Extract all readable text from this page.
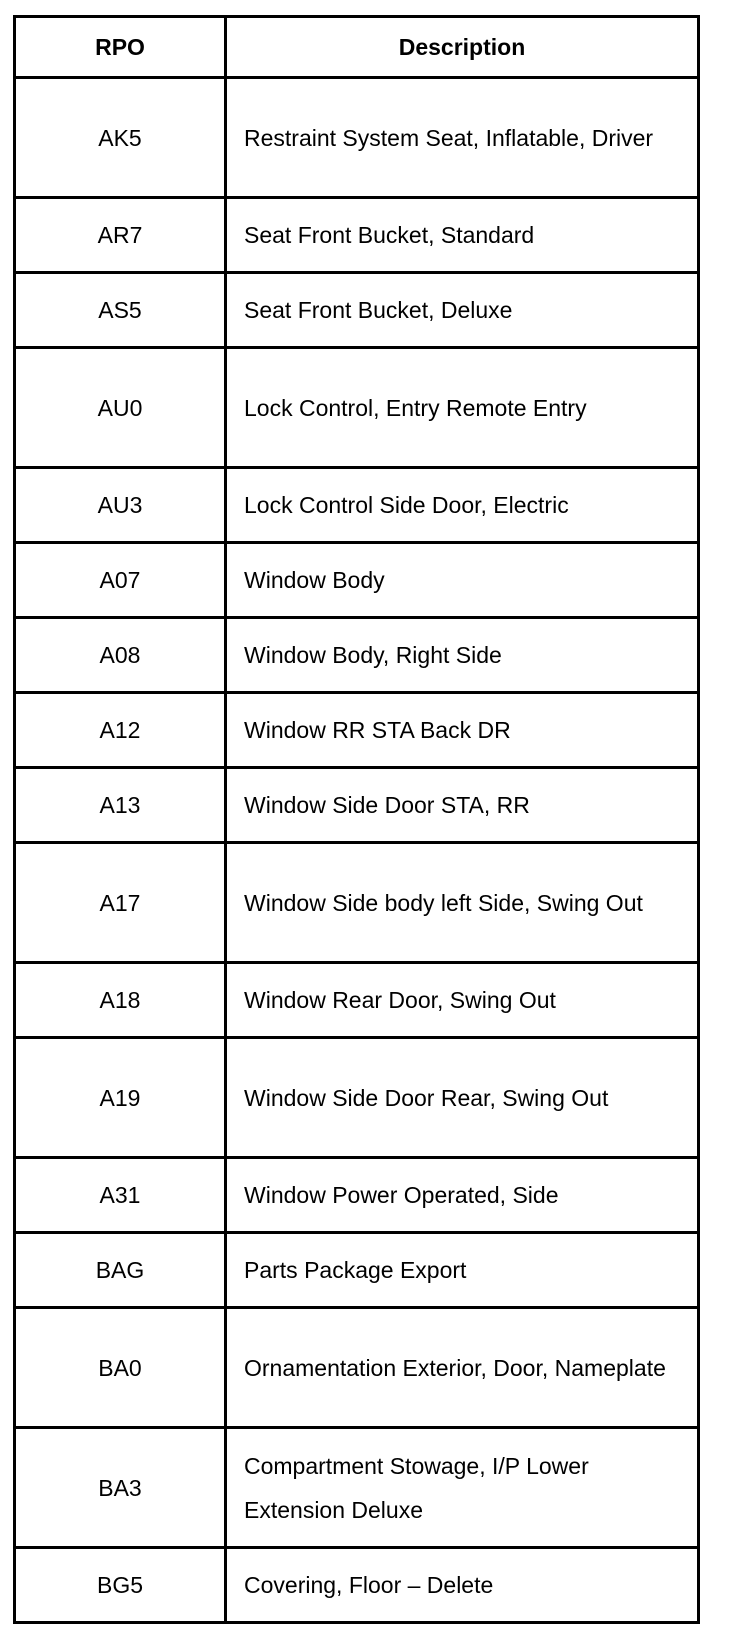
RPO	Description
AK5	Restraint System Seat, Inflatable, Driver
AR7	Seat Front Bucket, Standard
AS5	Seat Front Bucket, Deluxe
AU0	Lock Control, Entry Remote Entry
AU3	Lock Control Side Door, Electric
A07	Window Body
A08	Window Body, Right Side
A12	Window RR STA Back DR
A13	Window Side Door STA, RR
A17	Window Side body left Side, Swing Out
A18	Window Rear Door, Swing Out
A19	Window Side Door Rear, Swing Out
A31	Window Power Operated, Side
BAG	Parts Package Export
BA0	Ornamentation Exterior, Door, Nameplate
BA3	Compartment Stowage, I/P Lower Extension Deluxe
BG5	Covering, Floor – Delete
